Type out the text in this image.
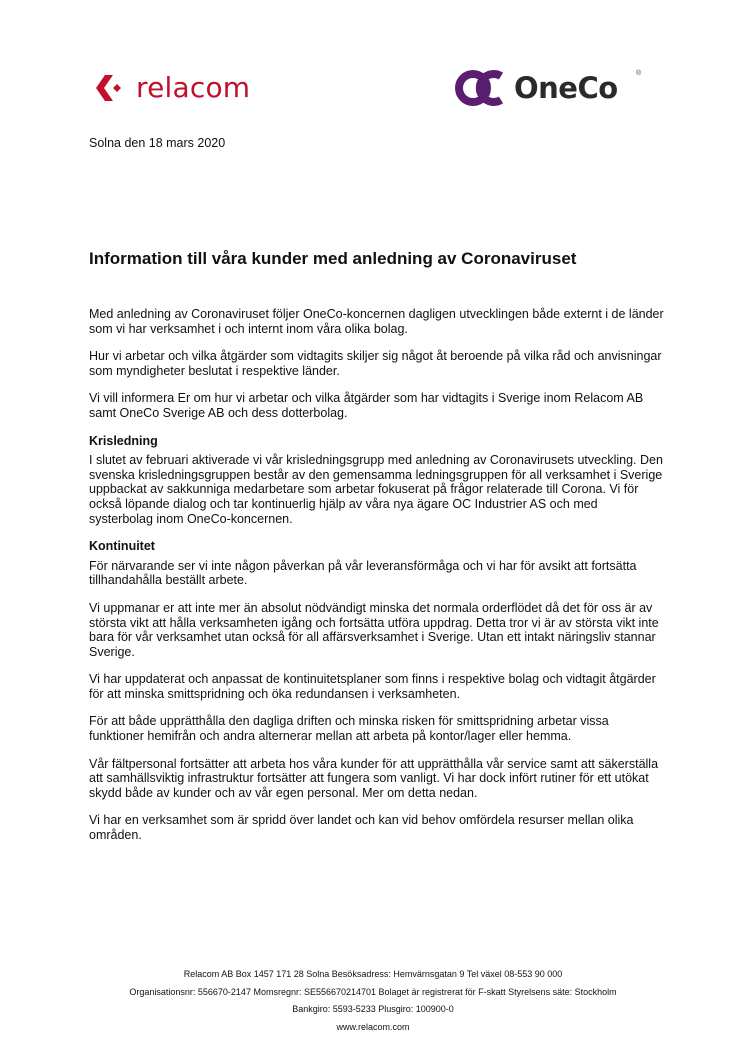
relacom	OneCo	®
Solna den 18 mars 2020
Information till våra kunder med anledning av Coronaviruset

Med anledning av Coronaviruset följer OneCo-koncernen dagligen utvecklingen både externt i de länder som vi har verksamhet i och internt inom våra olika bolag.

Hur vi arbetar och vilka åtgärder som vidtagits skiljer sig något åt beroende på vilka råd och anvisningar som myndigheter beslutat i respektive länder.

Vi vill informera Er om hur vi arbetar och vilka åtgärder som har vidtagits i Sverige inom Relacom AB samt OneCo Sverige AB och dess dotterbolag.

Krisledning

I slutet av februari aktiverade vi vår krisledningsgrupp med anledning av Coronavirusets utveckling. Den svenska krisledningsgruppen består av den gemensamma ledningsgruppen för all verksamhet i Sverige uppbackat av sakkunniga medarbetare som arbetar fokuserat på frågor relaterade till Corona. Vi för också löpande dialog och tar kontinuerlig hjälp av våra nya ägare OC Industrier AS och med systerbolag inom OneCo-koncernen.

Kontinuitet

För närvarande ser vi inte någon påverkan på vår leveransförmåga och vi har för avsikt att fortsätta tillhandahålla beställt arbete.

Vi uppmanar er att inte mer än absolut nödvändigt minska det normala orderflödet då det för oss är av största vikt att hålla verksamheten igång och fortsätta utföra uppdrag. Detta tror vi är av största vikt inte bara för vår verksamhet utan också för all affärsverksamhet i Sverige. Utan ett intakt näringsliv stannar Sverige.

Vi har uppdaterat och anpassat de kontinuitetsplaner som finns i respektive bolag och vidtagit åtgärder för att minska smittspridning och öka redundansen i verksamheten.

För att både upprätthålla den dagliga driften och minska risken för smittspridning arbetar vissa funktioner hemifrån och andra alternerar mellan att arbeta på kontor/lager eller hemma.

Vår fältpersonal fortsätter att arbeta hos våra kunder för att upprätthålla vår service samt att säkerställa att samhällsviktig infrastruktur fortsätter att fungera som vanligt. Vi har dock infört rutiner för ett utökat skydd både av kunder och av vår egen personal. Mer om detta nedan.

Vi har en verksamhet som är spridd över landet och kan vid behov omfördela resurser mellan olika områden.

Relacom AB Box 1457 171 28 Solna Besöksadress: Hemvärnsgatan 9 Tel växel 08-553 90 000
Organisationsnr: 556670-2147 Momsregnr: SE556670214701 Bolaget är registrerat för F-skatt Styrelsens säte: Stockholm
Bankgiro: 5593-5233 Plusgiro: 100900-0
www.relacom.com
